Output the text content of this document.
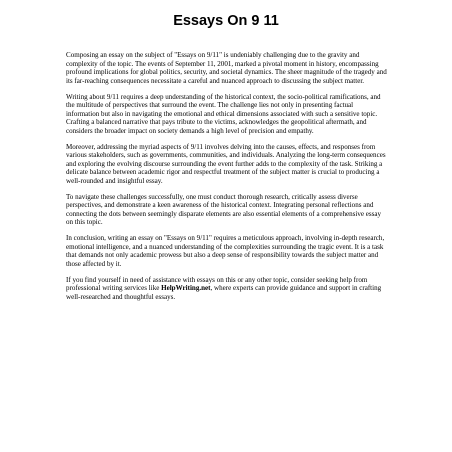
Essays On 9 11

Composing an essay on the subject of "Essays on 9/11" is undeniably challenging due to the gravity and complexity of the topic. The events of September 11, 2001, marked a pivotal moment in history, encompassing profound implications for global politics, security, and societal dynamics. The sheer magnitude of the tragedy and its far-reaching consequences necessitate a careful and nuanced approach to discussing the subject matter.

Writing about 9/11 requires a deep understanding of the historical context, the socio-political ramifications, and the multitude of perspectives that surround the event. The challenge lies not only in presenting factual information but also in navigating the emotional and ethical dimensions associated with such a sensitive topic. Crafting a balanced narrative that pays tribute to the victims, acknowledges the geopolitical aftermath, and considers the broader impact on society demands a high level of precision and empathy.

Moreover, addressing the myriad aspects of 9/11 involves delving into the causes, effects, and responses from various stakeholders, such as governments, communities, and individuals. Analyzing the long-term consequences and exploring the evolving discourse surrounding the event further adds to the complexity of the task. Striking a delicate balance between academic rigor and respectful treatment of the subject matter is crucial to producing a well-rounded and insightful essay.

To navigate these challenges successfully, one must conduct thorough research, critically assess diverse perspectives, and demonstrate a keen awareness of the historical context. Integrating personal reflections and connecting the dots between seemingly disparate elements are also essential elements of a comprehensive essay on this topic.

In conclusion, writing an essay on "Essays on 9/11" requires a meticulous approach, involving in-depth research, emotional intelligence, and a nuanced understanding of the complexities surrounding the tragic event. It is a task that demands not only academic prowess but also a deep sense of responsibility towards the subject matter and those affected by it.

If you find yourself in need of assistance with essays on this or any other topic, consider seeking help from professional writing services like HelpWriting.net, where experts can provide guidance and support in crafting well-researched and thoughtful essays.
